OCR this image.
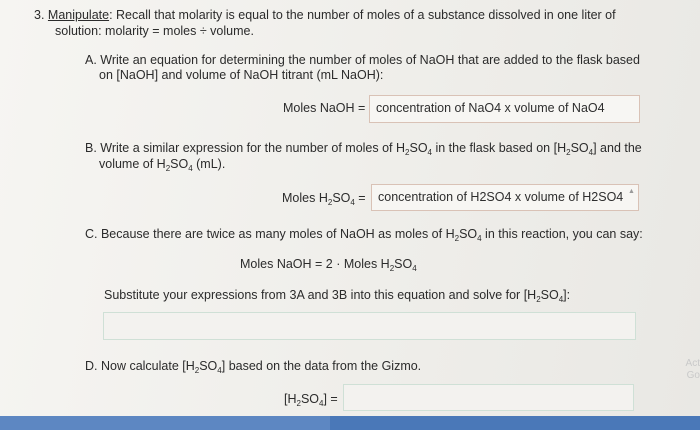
3. Manipulate: Recall that molarity is equal to the number of moles of a substance dissolved in one liter of
solution: molarity = moles ÷ volume.
A. Write an equation for determining the number of moles of NaOH that are added to the flask based
on [NaOH] and volume of NaOH titrant (mL NaOH):
Moles NaOH = concentration of NaO4 x volume of NaO4
B. Write a similar expression for the number of moles of $H_2SO_4$ in the flask based on $[H_2SO_4]$ and the
volume of $H_2SO_4$ (mL).
Moles $H_2SO_4$ = concentration of H2SO4 x volume of H2SO4 ▲
C. Because there are twice as many moles of NaOH as moles of $H_2SO_4$ in this reaction, you can say:
Moles NaOH = 2 · Moles $H_2SO_4$
Substitute your expressions from 3A and 3B into this equation and solve for $[H_2SO_4]$:
D. Now calculate $[H_2SO_4]$ based on the data from the Gizmo.
$[H_2SO_4]$ =
Act
Go
